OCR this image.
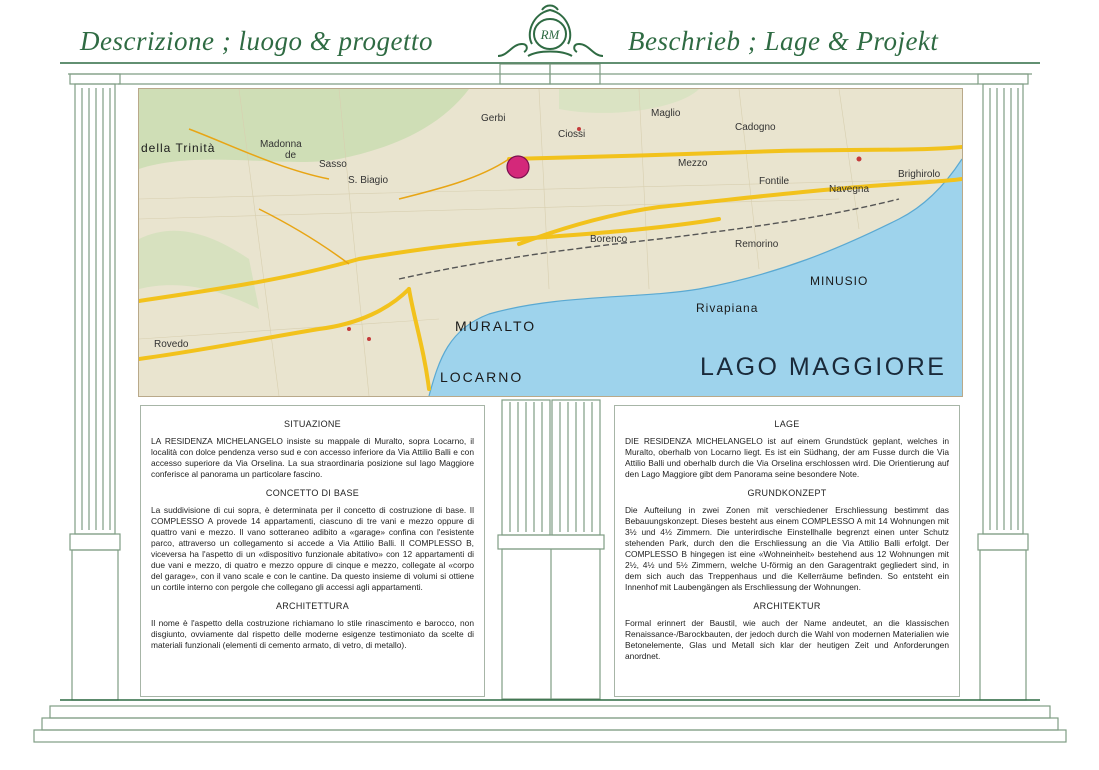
Descrizione ; luogo & progetto	Beschrieb ; Lage & Projekt
RM
della Trinità	Madonna
de
Sasso
S. Biagio
Gerbi
Ciossi
Maglio
Cadogno
Mezzo
Fontile
Navegna
Brighirolo
Borenco	Remorino
MINUSIO
Rivapiana
MURALTO
LOCARNO
Rovedo
LAGO MAGGIORE
SITUAZIONE

LA RESIDENZA MICHELANGELO insiste su mappale di Muralto, sopra Locarno, il località con dolce pendenza verso sud e con accesso inferiore da Via Attilio Balli e con accesso superiore da Via Orselina. La sua straordinaria posizione sul lago Maggiore conferisce al panorama un particolare fascino.

CONCETTO DI BASE

La suddivisione di cui sopra, è determinata per il concetto di costruzione di base. Il COMPLESSO A provede 14 appartamenti, ciascuno di tre vani e mezzo oppure di quattro vani e mezzo. Il vano sotteraneo adibito a «garage» confina con l'esistente parco, attraverso un collegamento si accede a Via Attilio Balli. Il COMPLESSO B, viceversa ha l'aspetto di un «dispositivo funzionale abitativo» con 12 appartamenti di due vani e mezzo, di quatro e mezzo oppure di cinque e mezzo, collegate al «corpo del garage», con il vano scale e con le cantine. Da questo insieme di volumi si ottiene un cortile interno con pergole che collegano gli accessi agli appartamenti.

ARCHITETTURA

Il nome è l'aspetto della costruzione richiamano lo stile rinascimento e barocco, non disgiunto, ovviamente dal rispetto delle moderne esigenze testimoniato da scelte di materiali funzionali (elementi di cemento armato, di vetro, di metallo).

LAGE

DIE RESIDENZA MICHELANGELO ist auf einem Grundstück geplant, welches in Muralto, oberhalb von Locarno liegt. Es ist ein Südhang, der am Fusse durch die Via Attilio Balli und oberhalb durch die Via Orselina erschlossen wird. Die Orientierung auf den Lago Maggiore gibt dem Panorama seine besondere Note.

GRUNDKONZEPT

Die Aufteilung in zwei Zonen mit verschiedener Erschliessung bestimmt das Bebauungskonzept. Dieses besteht aus einem COMPLESSO A mit 14 Wohnungen mit 3½ und 4½ Zimmern. Die unterirdische Einstellhalle begrenzt einen unter Schutz stehenden Park, durch den die Erschliessung an die Via Attilio Balli erfolgt. Der COMPLESSO B hingegen ist eine «Wohneinheit» bestehend aus 12 Wohnungen mit 2½, 4½ und 5½ Zimmern, welche U-förmig an den Garagentrakt gegliedert sind, in dem sich auch das Treppenhaus und die Kellerräume befinden. So entsteht ein Innenhof mit Laubengängen als Erschliessung der Wohnungen.

ARCHITEKTUR

Formal erinnert der Baustil, wie auch der Name andeutet, an die klassischen Renaissance-/Barockbauten, der jedoch durch die Wahl von modernen Materialien wie Betonelemente, Glas und Metall sich klar der heutigen Zeit und Anforderungen anordnet.
